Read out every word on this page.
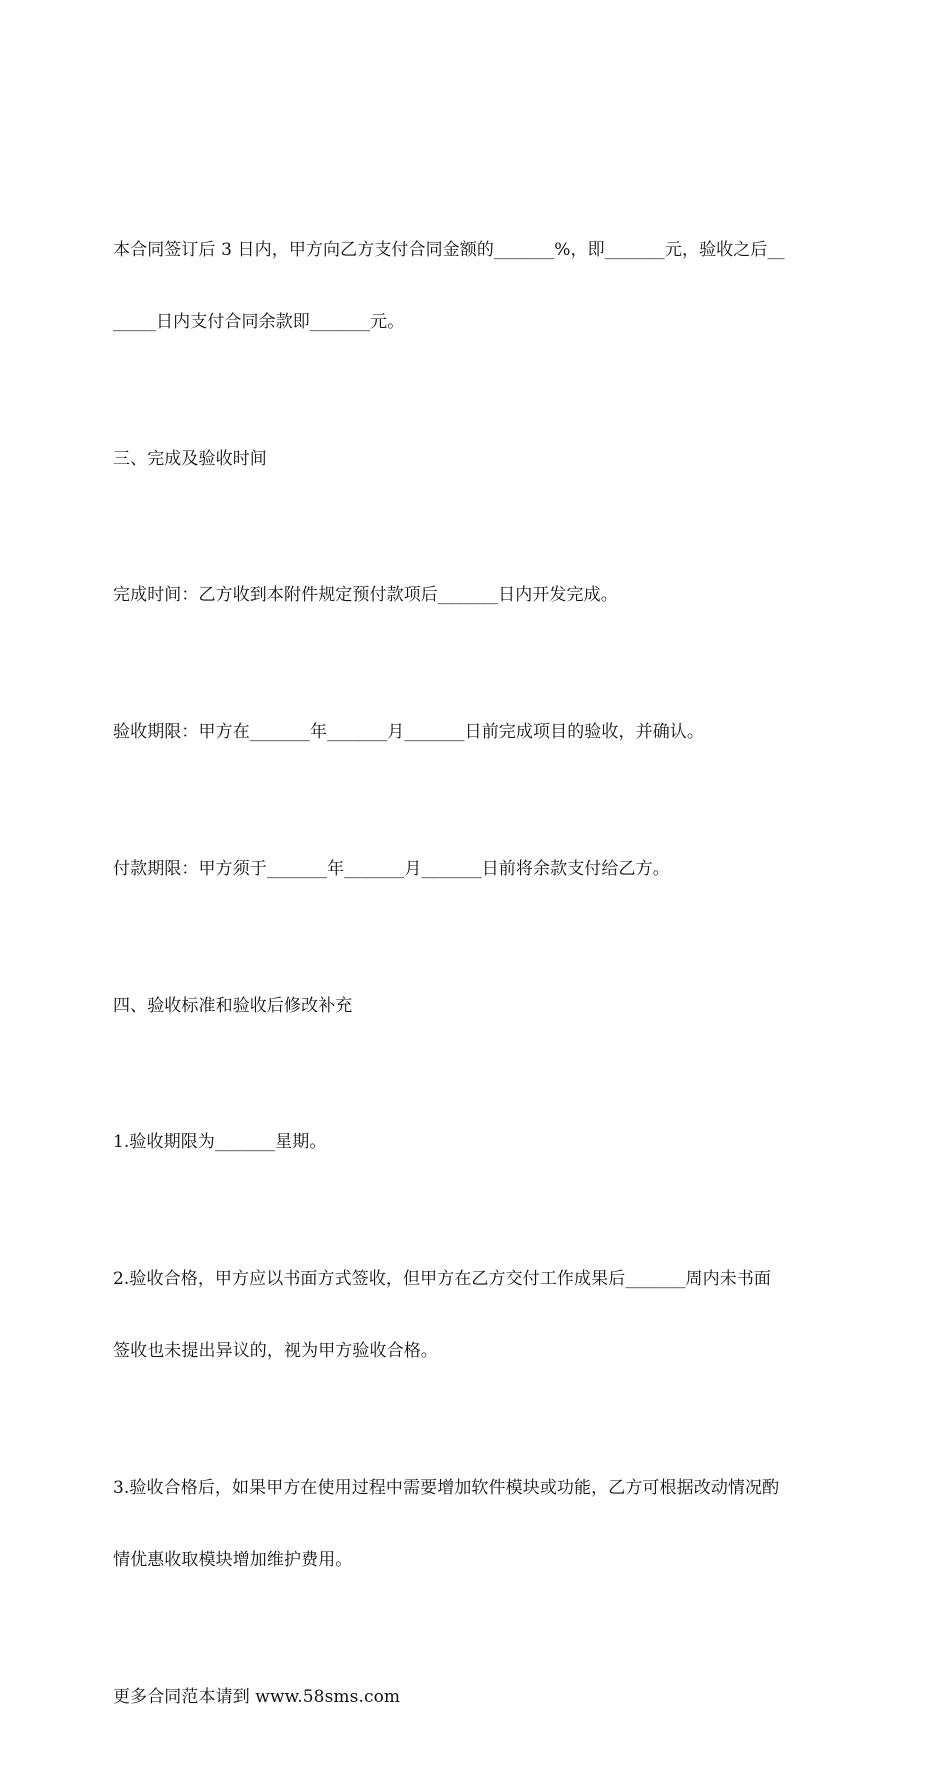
本合同签订后 3 日内，甲方向乙方支付合同金额的_______%，即_______元，验收之后__

_____日内支付合同余款即_______元。

三、完成及验收时间

完成时间：乙方收到本附件规定预付款项后_______日内开发完成。

验收期限：甲方在_______年_______月_______日前完成项目的验收，并确认。

付款期限：甲方须于_______年_______月_______日前将余款支付给乙方。

四、验收标准和验收后修改补充

1.验收期限为_______星期。

2.验收合格，甲方应以书面方式签收，但甲方在乙方交付工作成果后_______周内未书面

签收也未提出异议的，视为甲方验收合格。

3.验收合格后，如果甲方在使用过程中需要增加软件模块或功能，乙方可根据改动情况酌

情优惠收取模块增加维护费用。

更多合同范本请到 www.58sms.com
